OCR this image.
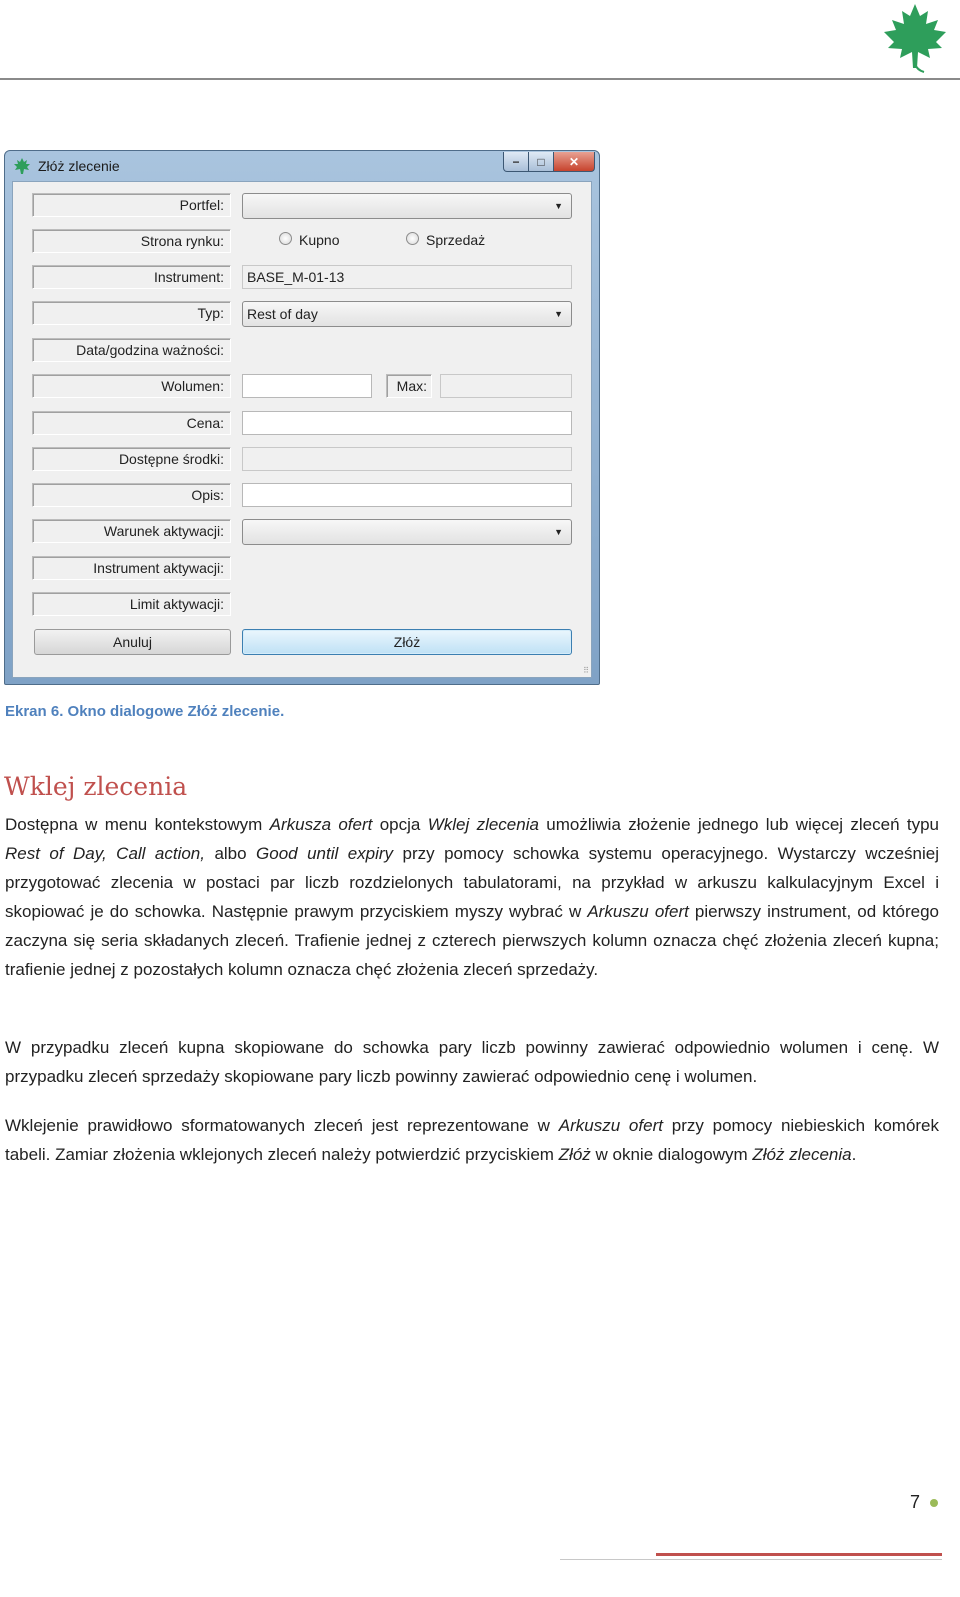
Złóż zlecenie	−	□	✕
Portfel:	▼
Strona rynku:	Kupno	Sprzedaż
Instrument:	BASE_M-01-13
Typ:	Rest of day	▼
Data/godzina ważności:
Wolumen:	Max:
Cena:
Dostępne środki:
Opis:
Warunek aktywacji:	▼
Instrument aktywacji:
Limit aktywacji:
Anuluj	Złóż
⠿
Ekran 6. Okno dialogowe Złóż zlecenie.
Wklej zlecenia
Dostępna w menu kontekstowym Arkusza ofert opcja Wklej zlecenia umożliwia złożenie jednego lub więcej zleceń typu Rest of Day, Call action, albo Good until expiry przy pomocy schowka systemu operacyjnego. Wystarczy wcześniej przygotować zlecenia w postaci par liczb rozdzielonych tabulatorami, na przykład w arkuszu kalkulacyjnym Excel i skopiować je do schowka. Następnie prawym przyciskiem myszy wybrać w Arkuszu ofert pierwszy instrument, od którego zaczyna się seria składanych zleceń. Trafienie jednej z czterech pierwszych kolumn oznacza chęć złożenia zleceń kupna; trafienie jednej z pozostałych kolumn oznacza chęć złożenia zleceń sprzedaży.
W przypadku zleceń kupna skopiowane do schowka pary liczb powinny zawierać odpowiednio wolumen i cenę. W przypadku zleceń sprzedaży skopiowane pary liczb powinny zawierać odpowiednio cenę i wolumen.
Wklejenie prawidłowo sformatowanych zleceń jest reprezentowane w Arkuszu ofert przy pomocy niebieskich komórek tabeli. Zamiar złożenia wklejonych zleceń należy potwierdzić przyciskiem Złóż w oknie dialogowym Złóż zlecenia.
7
